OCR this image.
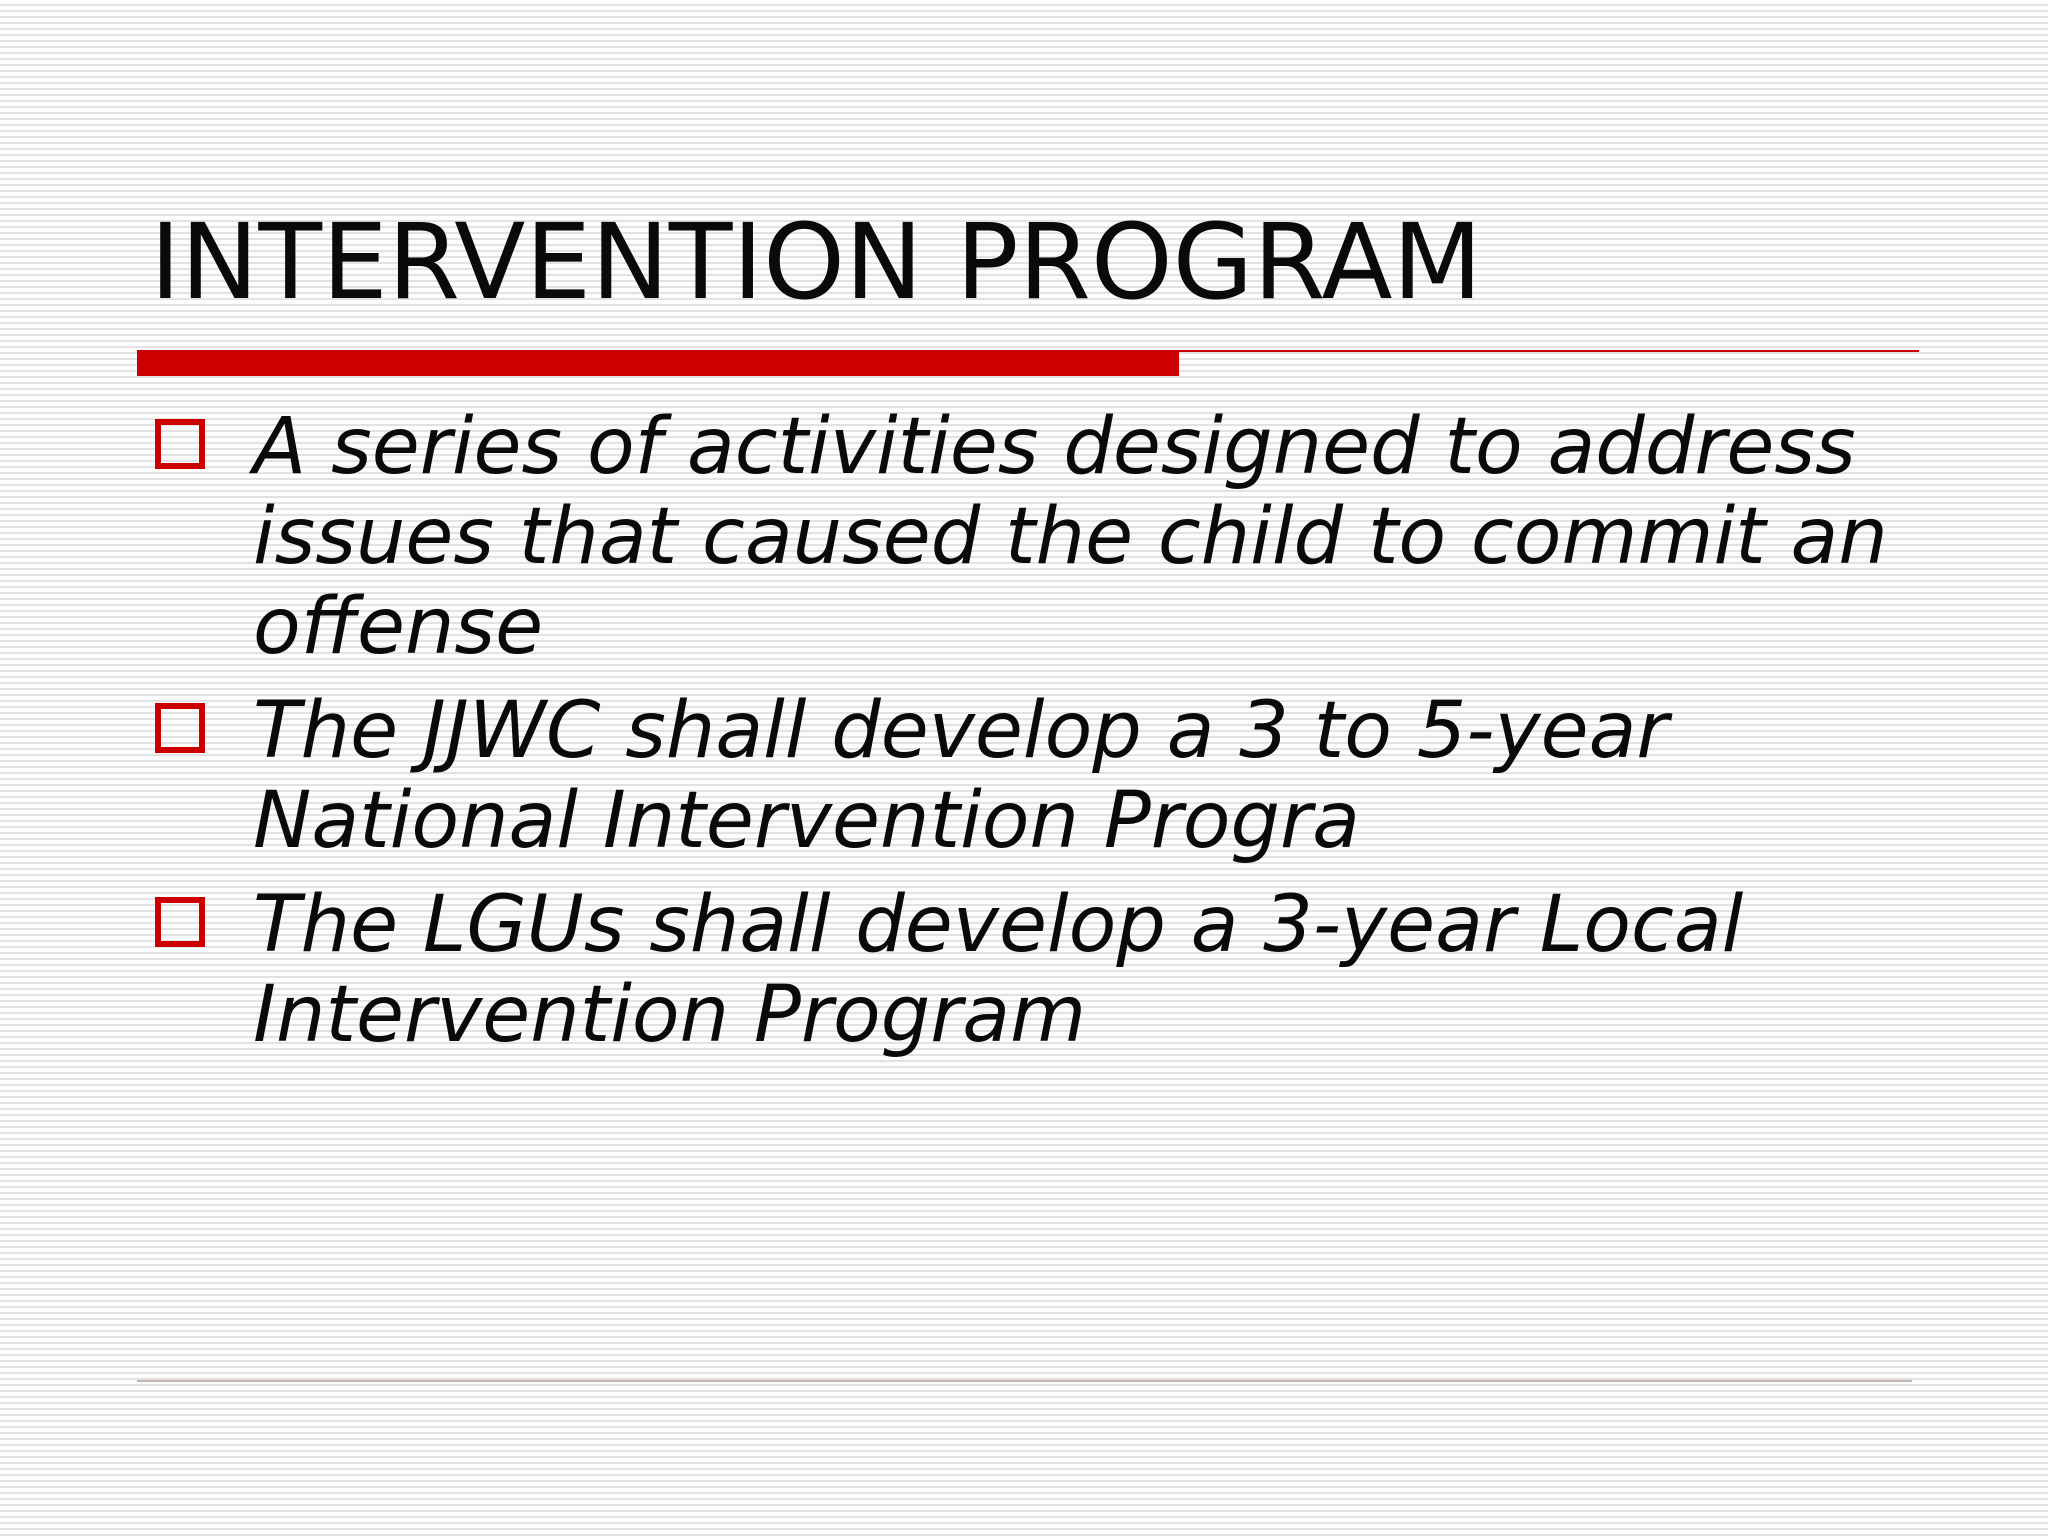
INTERVENTION PROGRAM
A series of activities designed to address issues that caused the child to commit an offense
The JJWC shall develop a 3 to 5-year National Intervention Progra
The LGUs shall develop a 3-year Local Intervention Program
